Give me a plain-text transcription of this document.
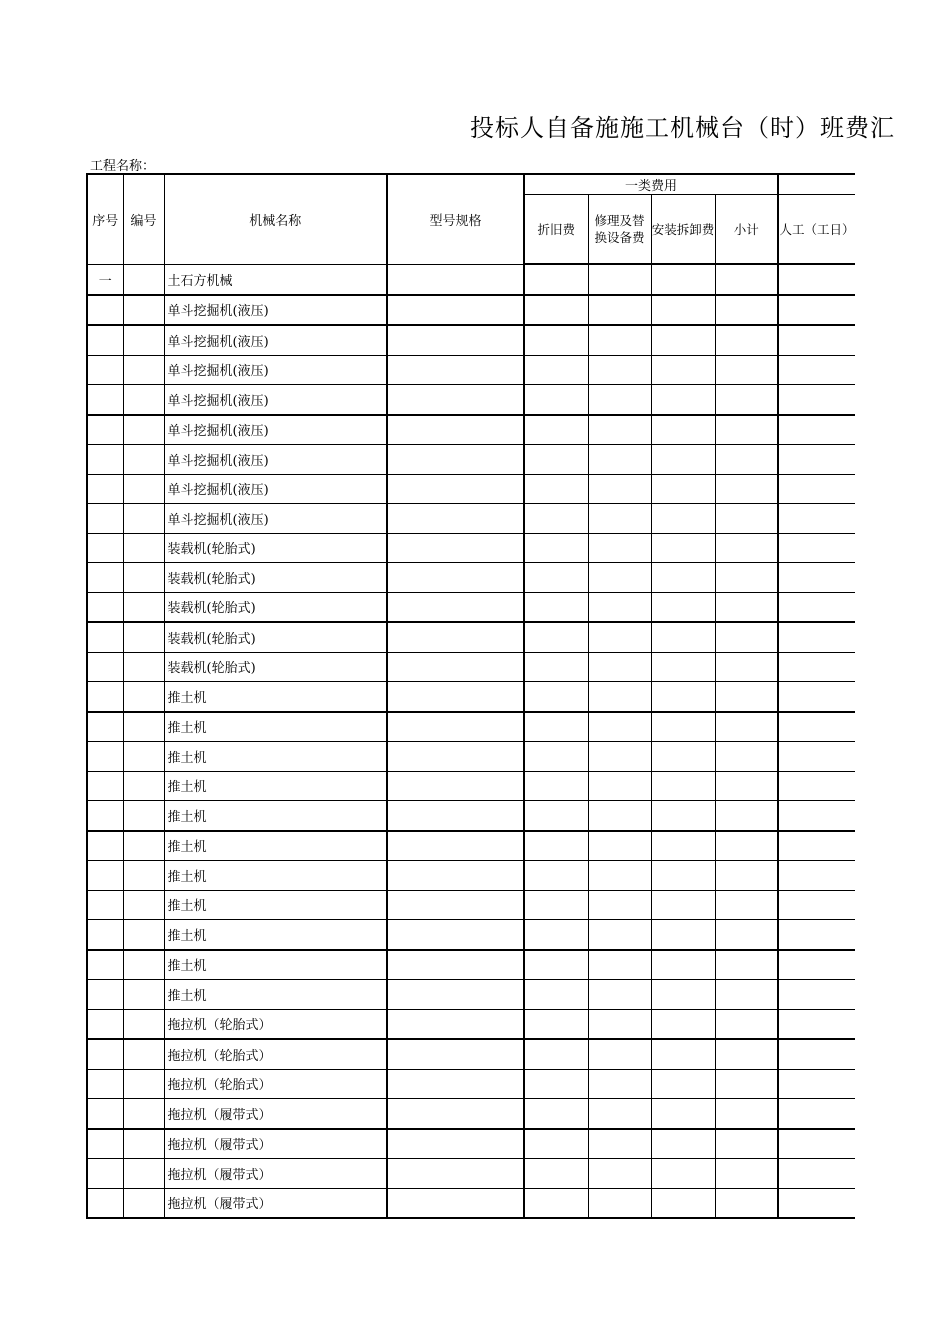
投标人自备施施工机械台（时）班费汇
工程名称：
序号	编号	机械名称	型号规格	一类费用				
				折旧费	修理及替换设备费	安装拆卸费	小计	人工（工日）
一		土石方机械						
		单斗挖掘机(液压)						
		单斗挖掘机(液压)						
		单斗挖掘机(液压)						
		单斗挖掘机(液压)						
		单斗挖掘机(液压)						
		单斗挖掘机(液压)						
		单斗挖掘机(液压)						
		单斗挖掘机(液压)						
		装载机(轮胎式)						
		装载机(轮胎式)						
		装载机(轮胎式)						
		装载机(轮胎式)						
		装载机(轮胎式)						
		推土机						
		推土机						
		推土机						
		推土机						
		推土机						
		推土机						
		推土机						
		推土机						
		推土机						
		推土机						
		推土机						
		拖拉机（轮胎式）						
		拖拉机（轮胎式）						
		拖拉机（轮胎式）						
		拖拉机（履带式）						
		拖拉机（履带式）						
		拖拉机（履带式）						
		拖拉机（履带式）						
